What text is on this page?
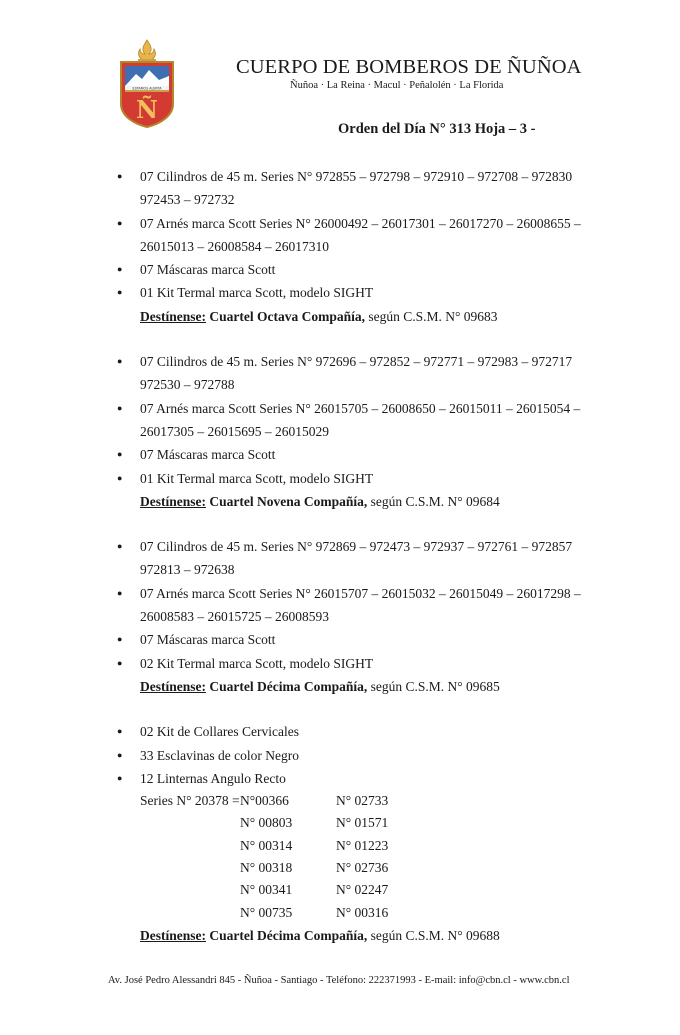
ESTAMOS ALERTA
Ñ
CUERPO DE BOMBEROS DE ÑUÑOA
Ñuñoa · La Reina · Macul · Peñalolén · La Florida
Orden del Día N° 313 Hoja – 3 -
● 07 Cilindros de 45 m. Series N° 972855 – 972798 – 972910 – 972708 – 972830 972453 – 972732
● 07 Arnés marca Scott Series N° 26000492 – 26017301 – 26017270 – 26008655 – 26015013 – 26008584 – 26017310
● 07 Máscaras marca Scott
● 01 Kit Termal marca Scott, modelo SIGHT
Destínense: Cuartel Octava Compañía, según C.S.M. N° 09683
● 07 Cilindros de 45 m. Series N° 972696 – 972852 – 972771 – 972983 – 972717 972530 – 972788
● 07 Arnés marca Scott Series N° 26015705 – 26008650 – 26015011 – 26015054 – 26017305 – 26015695 – 26015029
● 07 Máscaras marca Scott
● 01 Kit Termal marca Scott, modelo SIGHT
Destínense: Cuartel Novena Compañía, según C.S.M. N° 09684
● 07 Cilindros de 45 m. Series N° 972869 – 972473 – 972937 – 972761 – 972857 972813 – 972638
● 07 Arnés marca Scott Series N° 26015707 – 26015032 – 26015049 – 26017298 – 26008583 – 26015725 – 26008593
● 07 Máscaras marca Scott
● 02 Kit Termal marca Scott, modelo SIGHT
Destínense: Cuartel Décima Compañía, según C.S.M. N° 09685
● 02 Kit de Collares Cervicales
● 33 Esclavinas de color Negro
● 12 Linternas Angulo Recto
Series N° 20378 =	N°00366	N° 02733
	N° 00803	N° 01571
	N° 00314	N° 01223
	N° 00318	N° 02736
	N° 00341	N° 02247
	N° 00735	N° 00316
Destínense: Cuartel Décima Compañía, según C.S.M. N° 09688
Av. José Pedro Alessandri 845 - Ñuñoa - Santiago - Teléfono: 222371993 - E-mail: info@cbn.cl - www.cbn.cl
